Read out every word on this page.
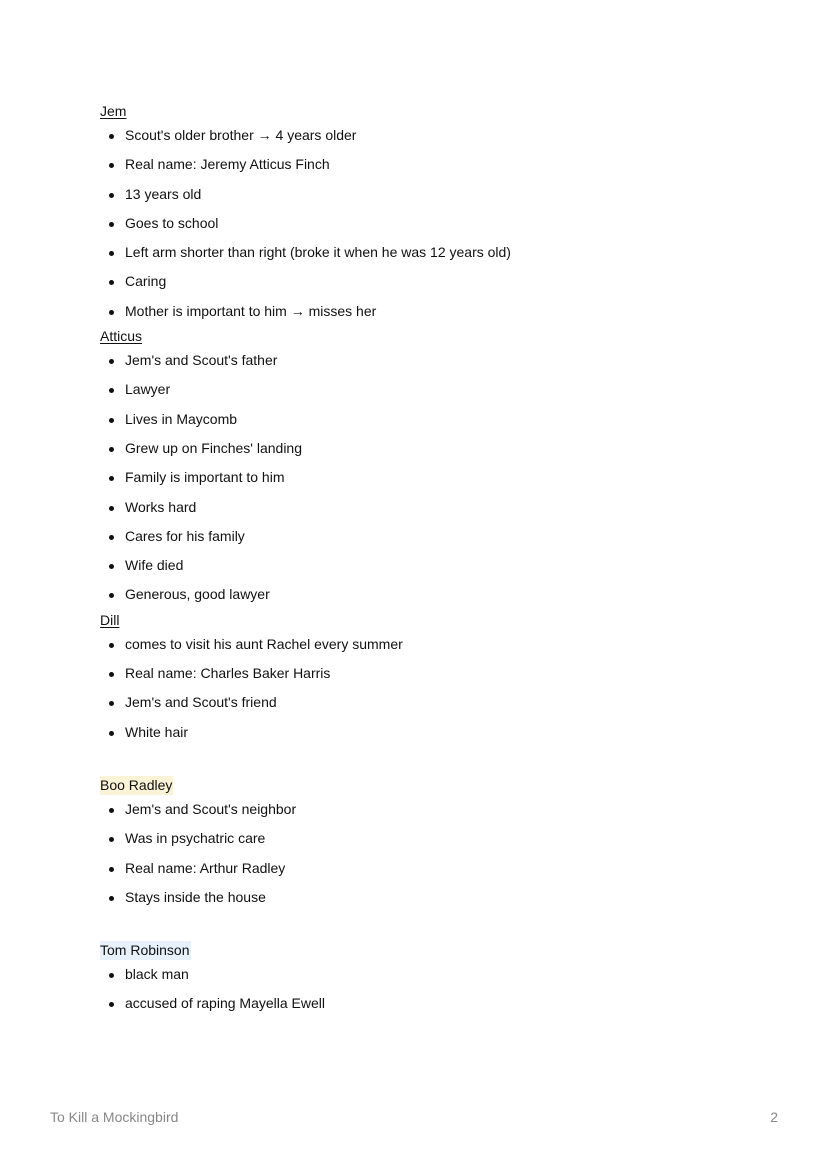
Jem
Scout's older brother → 4 years older
Real name: Jeremy Atticus Finch
13 years old
Goes to school
Left arm shorter than right (broke it when he was 12 years old)
Caring
Mother is important to him → misses her
Atticus
Jem's and Scout's father
Lawyer
Lives in Maycomb
Grew up on Finches' landing
Family is important to him
Works hard
Cares for his family
Wife died
Generous, good lawyer
Dill
comes to visit his aunt Rachel every summer
Real name: Charles Baker Harris
Jem's and Scout's friend
White hair
Boo Radley
Jem's and Scout's neighbor
Was in psychatric care
Real name: Arthur Radley
Stays inside the house
Tom Robinson
black man
accused of raping Mayella Ewell
To Kill a Mockingbird	2
